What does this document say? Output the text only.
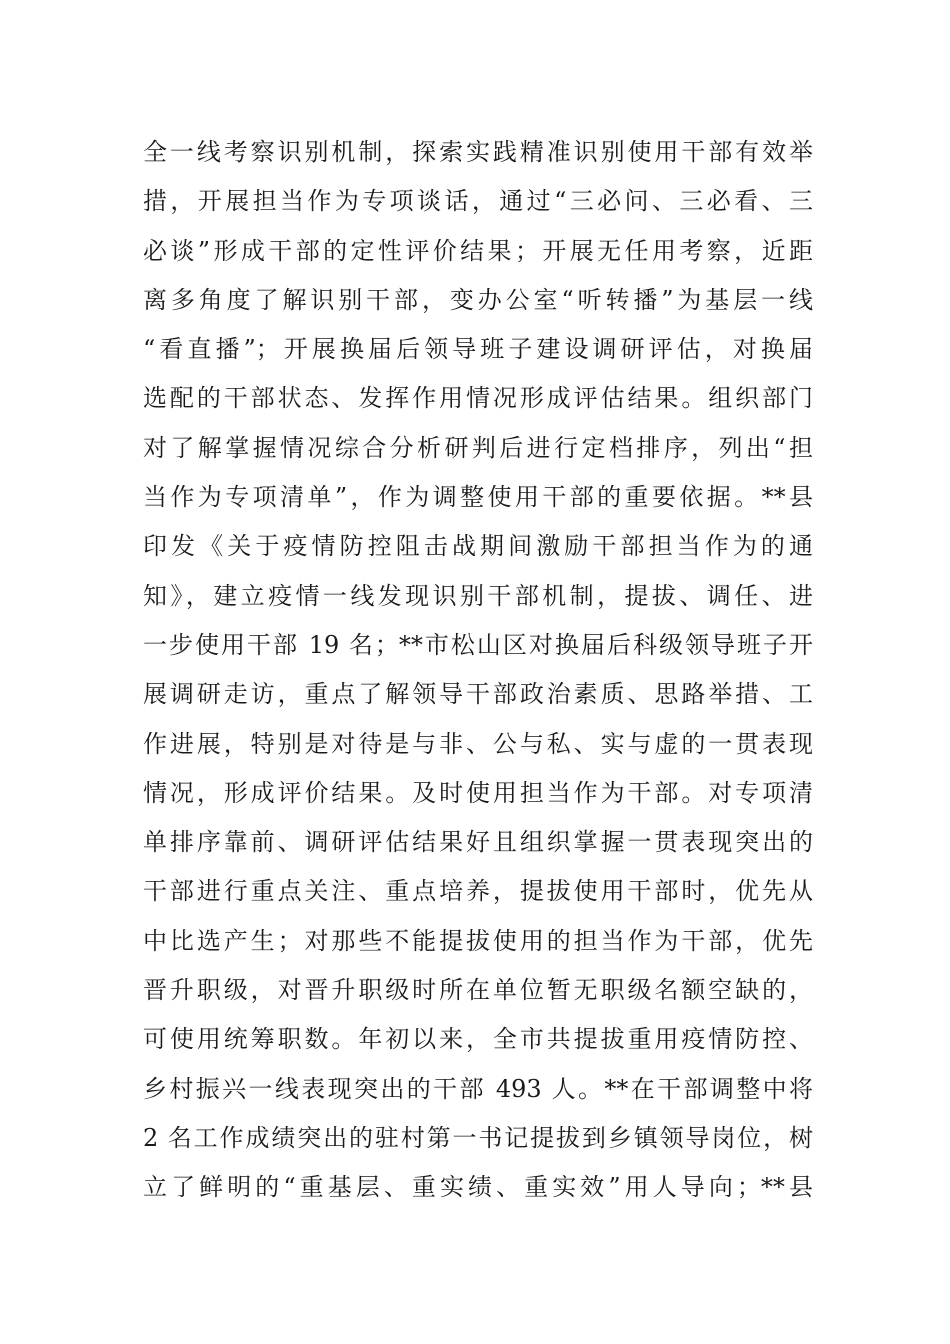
全一线考察识别机制，探索实践精准识别使用干部有效举
措，开展担当作为专项谈话，通过“三必问、三必看、三
必谈”形成干部的定性评价结果；开展无任用考察，近距
离多角度了解识别干部，变办公室“听转播”为基层一线
“看直播”；开展换届后领导班子建设调研评估，对换届
选配的干部状态、发挥作用情况形成评估结果。组织部门
对了解掌握情况综合分析研判后进行定档排序，列出“担
当作为专项清单”，作为调整使用干部的重要依据。**县
印发《关于疫情防控阻击战期间激励干部担当作为的通
知》，建立疫情一线发现识别干部机制，提拔、调任、进
一步使用干部 19 名；**市松山区对换届后科级领导班子开
展调研走访，重点了解领导干部政治素质、思路举措、工
作进展，特别是对待是与非、公与私、实与虚的一贯表现
情况，形成评价结果。及时使用担当作为干部。对专项清
单排序靠前、调研评估结果好且组织掌握一贯表现突出的
干部进行重点关注、重点培养，提拔使用干部时，优先从
中比选产生；对那些不能提拔使用的担当作为干部，优先
晋升职级，对晋升职级时所在单位暂无职级名额空缺的，
可使用统筹职数。年初以来，全市共提拔重用疫情防控、
乡村振兴一线表现突出的干部 493 人。**在干部调整中将
2 名工作成绩突出的驻村第一书记提拔到乡镇领导岗位，树
立了鲜明的“重基层、重实绩、重实效”用人导向；**县
